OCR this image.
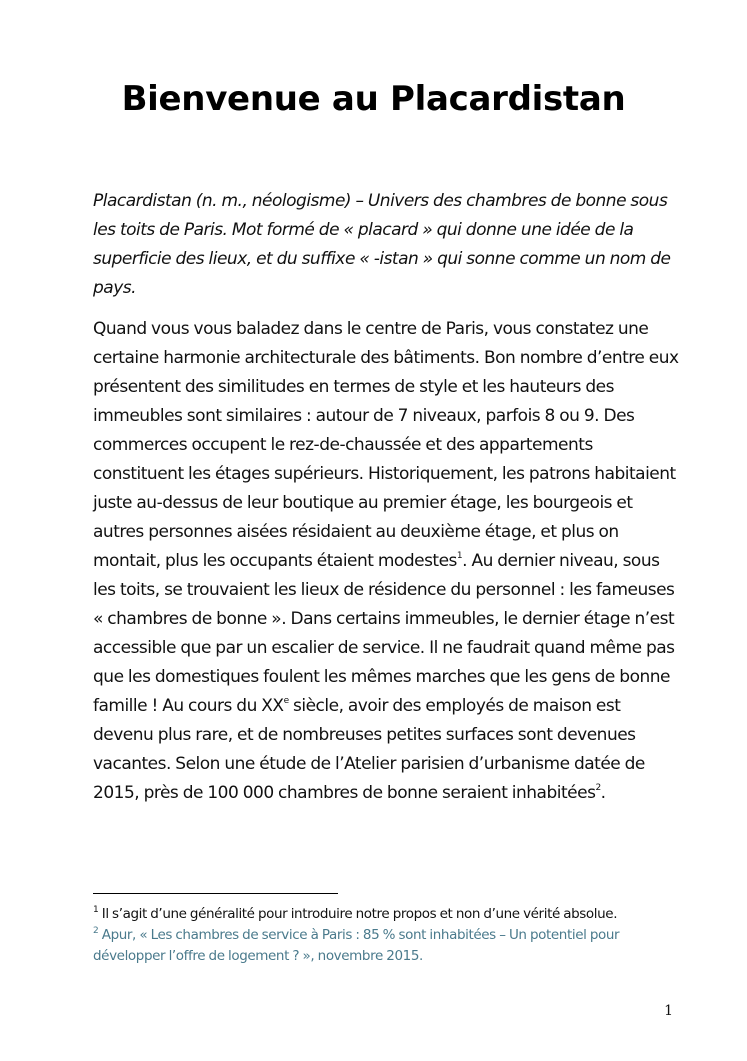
Bienvenue au Placardistan

Placardistan (n. m., néologisme) – Univers des chambres de bonne sous les toits de Paris. Mot formé de « placard » qui donne une idée de la superficie des lieux, et du suffixe « -istan » qui sonne comme un nom de pays.

Quand vous vous baladez dans le centre de Paris, vous constatez une certaine harmonie architecturale des bâtiments. Bon nombre d’entre eux présentent des similitudes en termes de style et les hauteurs des immeubles sont similaires : autour de 7 niveaux, parfois 8 ou 9. Des commerces occupent le rez-de-chaussée et des appartements constituent les étages supérieurs. Historiquement, les patrons habitaient juste au-dessus de leur boutique au premier étage, les bourgeois et autres personnes aisées résidaient au deuxième étage, et plus on montait, plus les occupants étaient modestes$^1$. Au dernier niveau, sous les toits, se trouvaient les lieux de résidence du personnel : les fameuses « chambres de bonne ». Dans certains immeubles, le dernier étage n’est accessible que par un escalier de service. Il ne faudrait quand même pas que les domestiques foulent les mêmes marches que les gens de bonne famille ! Au cours du XXe siècle, avoir des employés de maison est devenu plus rare, et de nombreuses petites surfaces sont devenues vacantes. Selon une étude de l’Atelier parisien d’urbanisme datée de 2015, près de 100 000 chambres de bonne seraient inhabitées$^2$.

$^1$ Il s’agit d’une généralité pour introduire notre propos et non d’une vérité absolue.

$^2$ Apur, « Les chambres de service à Paris : 85 % sont inhabitées – Un potentiel pour développer l’offre de logement ? », novembre 2015.

1
